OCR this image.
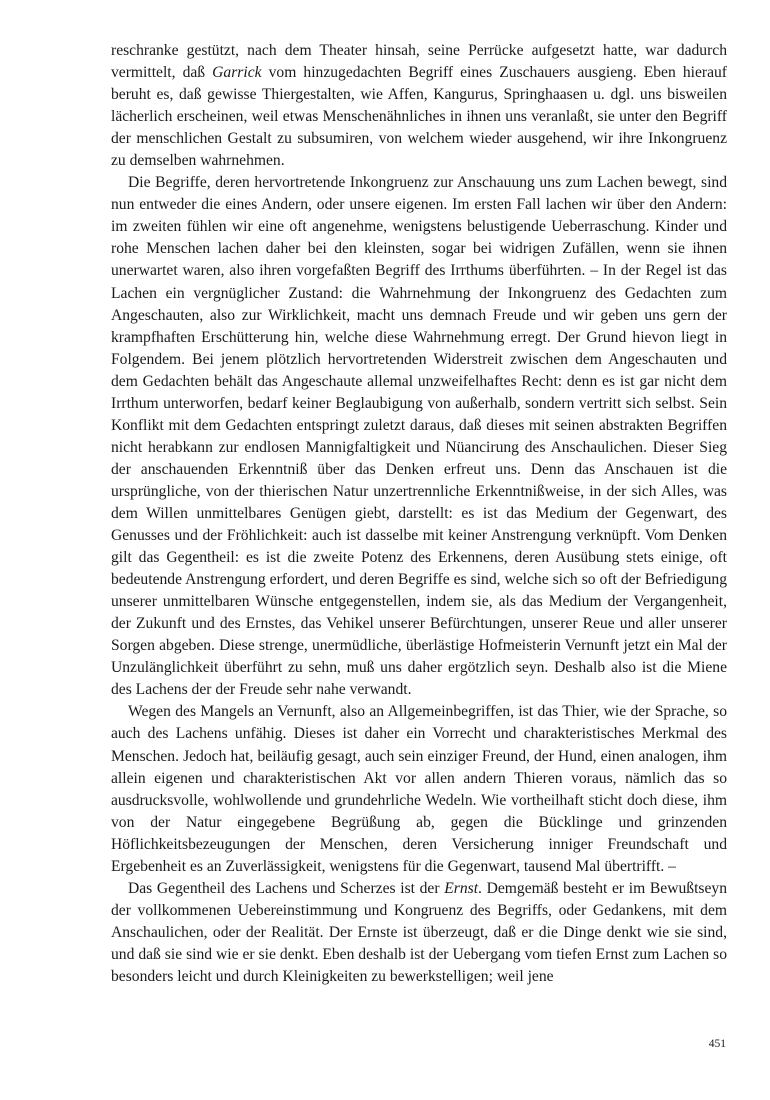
reschranke gestützt, nach dem Theater hinsah, seine Perrücke aufgesetzt hatte, war dadurch vermittelt, daß Garrick vom hinzugedachten Begriff eines Zuschauers ausgieng. Eben hierauf beruht es, daß gewisse Thiergestalten, wie Affen, Kangurus, Springhaasen u. dgl. uns bisweilen lächerlich erscheinen, weil etwas Menschenähnliches in ihnen uns veranlaßt, sie unter den Begriff der menschlichen Gestalt zu subsumiren, von welchem wieder ausgehend, wir ihre Inkongruenz zu demselben wahrnehmen.

Die Begriffe, deren hervortretende Inkongruenz zur Anschauung uns zum Lachen bewegt, sind nun entweder die eines Andern, oder unsere eigenen. Im ersten Fall lachen wir über den Andern: im zweiten fühlen wir eine oft angenehme, wenigstens belustigende Ueberraschung. Kinder und rohe Menschen lachen daher bei den kleinsten, sogar bei widrigen Zufällen, wenn sie ihnen unerwartet waren, also ihren vorgefaßten Begriff des Irrthums überführten. – In der Regel ist das Lachen ein vergnüglicher Zustand: die Wahrnehmung der Inkongruenz des Gedachten zum Angeschauten, also zur Wirklichkeit, macht uns demnach Freude und wir geben uns gern der krampfhaften Erschütterung hin, welche diese Wahrnehmung erregt. Der Grund hievon liegt in Folgendem. Bei jenem plötzlich hervortretenden Widerstreit zwischen dem Angeschauten und dem Gedachten behält das Angeschaute allemal unzweifelhaftes Recht: denn es ist gar nicht dem Irrthum unterworfen, bedarf keiner Beglaubigung von außerhalb, sondern vertritt sich selbst. Sein Konflikt mit dem Gedachten entspringt zuletzt daraus, daß dieses mit seinen abstrakten Begriffen nicht herabkann zur endlosen Mannigfaltigkeit und Nüancirung des Anschaulichen. Dieser Sieg der anschauenden Erkenntniß über das Denken erfreut uns. Denn das Anschauen ist die ursprüngliche, von der thierischen Natur unzertrennliche Erkenntnißweise, in der sich Alles, was dem Willen unmittelbares Genügen giebt, darstellt: es ist das Medium der Gegenwart, des Genusses und der Fröhlichkeit: auch ist dasselbe mit keiner Anstrengung verknüpft. Vom Denken gilt das Gegentheil: es ist die zweite Potenz des Erkennens, deren Ausübung stets einige, oft bedeutende Anstrengung erfordert, und deren Begriffe es sind, welche sich so oft der Befriedigung unserer unmittelbaren Wünsche entgegenstellen, indem sie, als das Medium der Vergangenheit, der Zukunft und des Ernstes, das Vehikel unserer Befürchtungen, unserer Reue und aller unserer Sorgen abgeben. Diese strenge, unermüdliche, überlästige Hofmeisterin Vernunft jetzt ein Mal der Unzulänglichkeit überführt zu sehn, muß uns daher ergötzlich seyn. Deshalb also ist die Miene des Lachens der der Freude sehr nahe verwandt.

Wegen des Mangels an Vernunft, also an Allgemeinbegriffen, ist das Thier, wie der Sprache, so auch des Lachens unfähig. Dieses ist daher ein Vorrecht und charakteristisches Merkmal des Menschen. Jedoch hat, beiläufig gesagt, auch sein einziger Freund, der Hund, einen analogen, ihm allein eigenen und charakteristischen Akt vor allen andern Thieren voraus, nämlich das so ausdrucksvolle, wohlwollende und grundehrliche Wedeln. Wie vortheilhaft sticht doch diese, ihm von der Natur eingegebene Begrüßung ab, gegen die Bücklinge und grinzenden Höflichkeitsbezeugungen der Menschen, deren Versicherung inniger Freundschaft und Ergebenheit es an Zuverlässigkeit, wenigstens für die Gegenwart, tausend Mal übertrifft. –

Das Gegentheil des Lachens und Scherzes ist der Ernst. Demgemäß besteht er im Bewußtseyn der vollkommenen Uebereinstimmung und Kongruenz des Begriffs, oder Gedankens, mit dem Anschaulichen, oder der Realität. Der Ernste ist überzeugt, daß er die Dinge denkt wie sie sind, und daß sie sind wie er sie denkt. Eben deshalb ist der Uebergang vom tiefen Ernst zum Lachen so besonders leicht und durch Kleinigkeiten zu bewerkstelligen; weil jene

451
